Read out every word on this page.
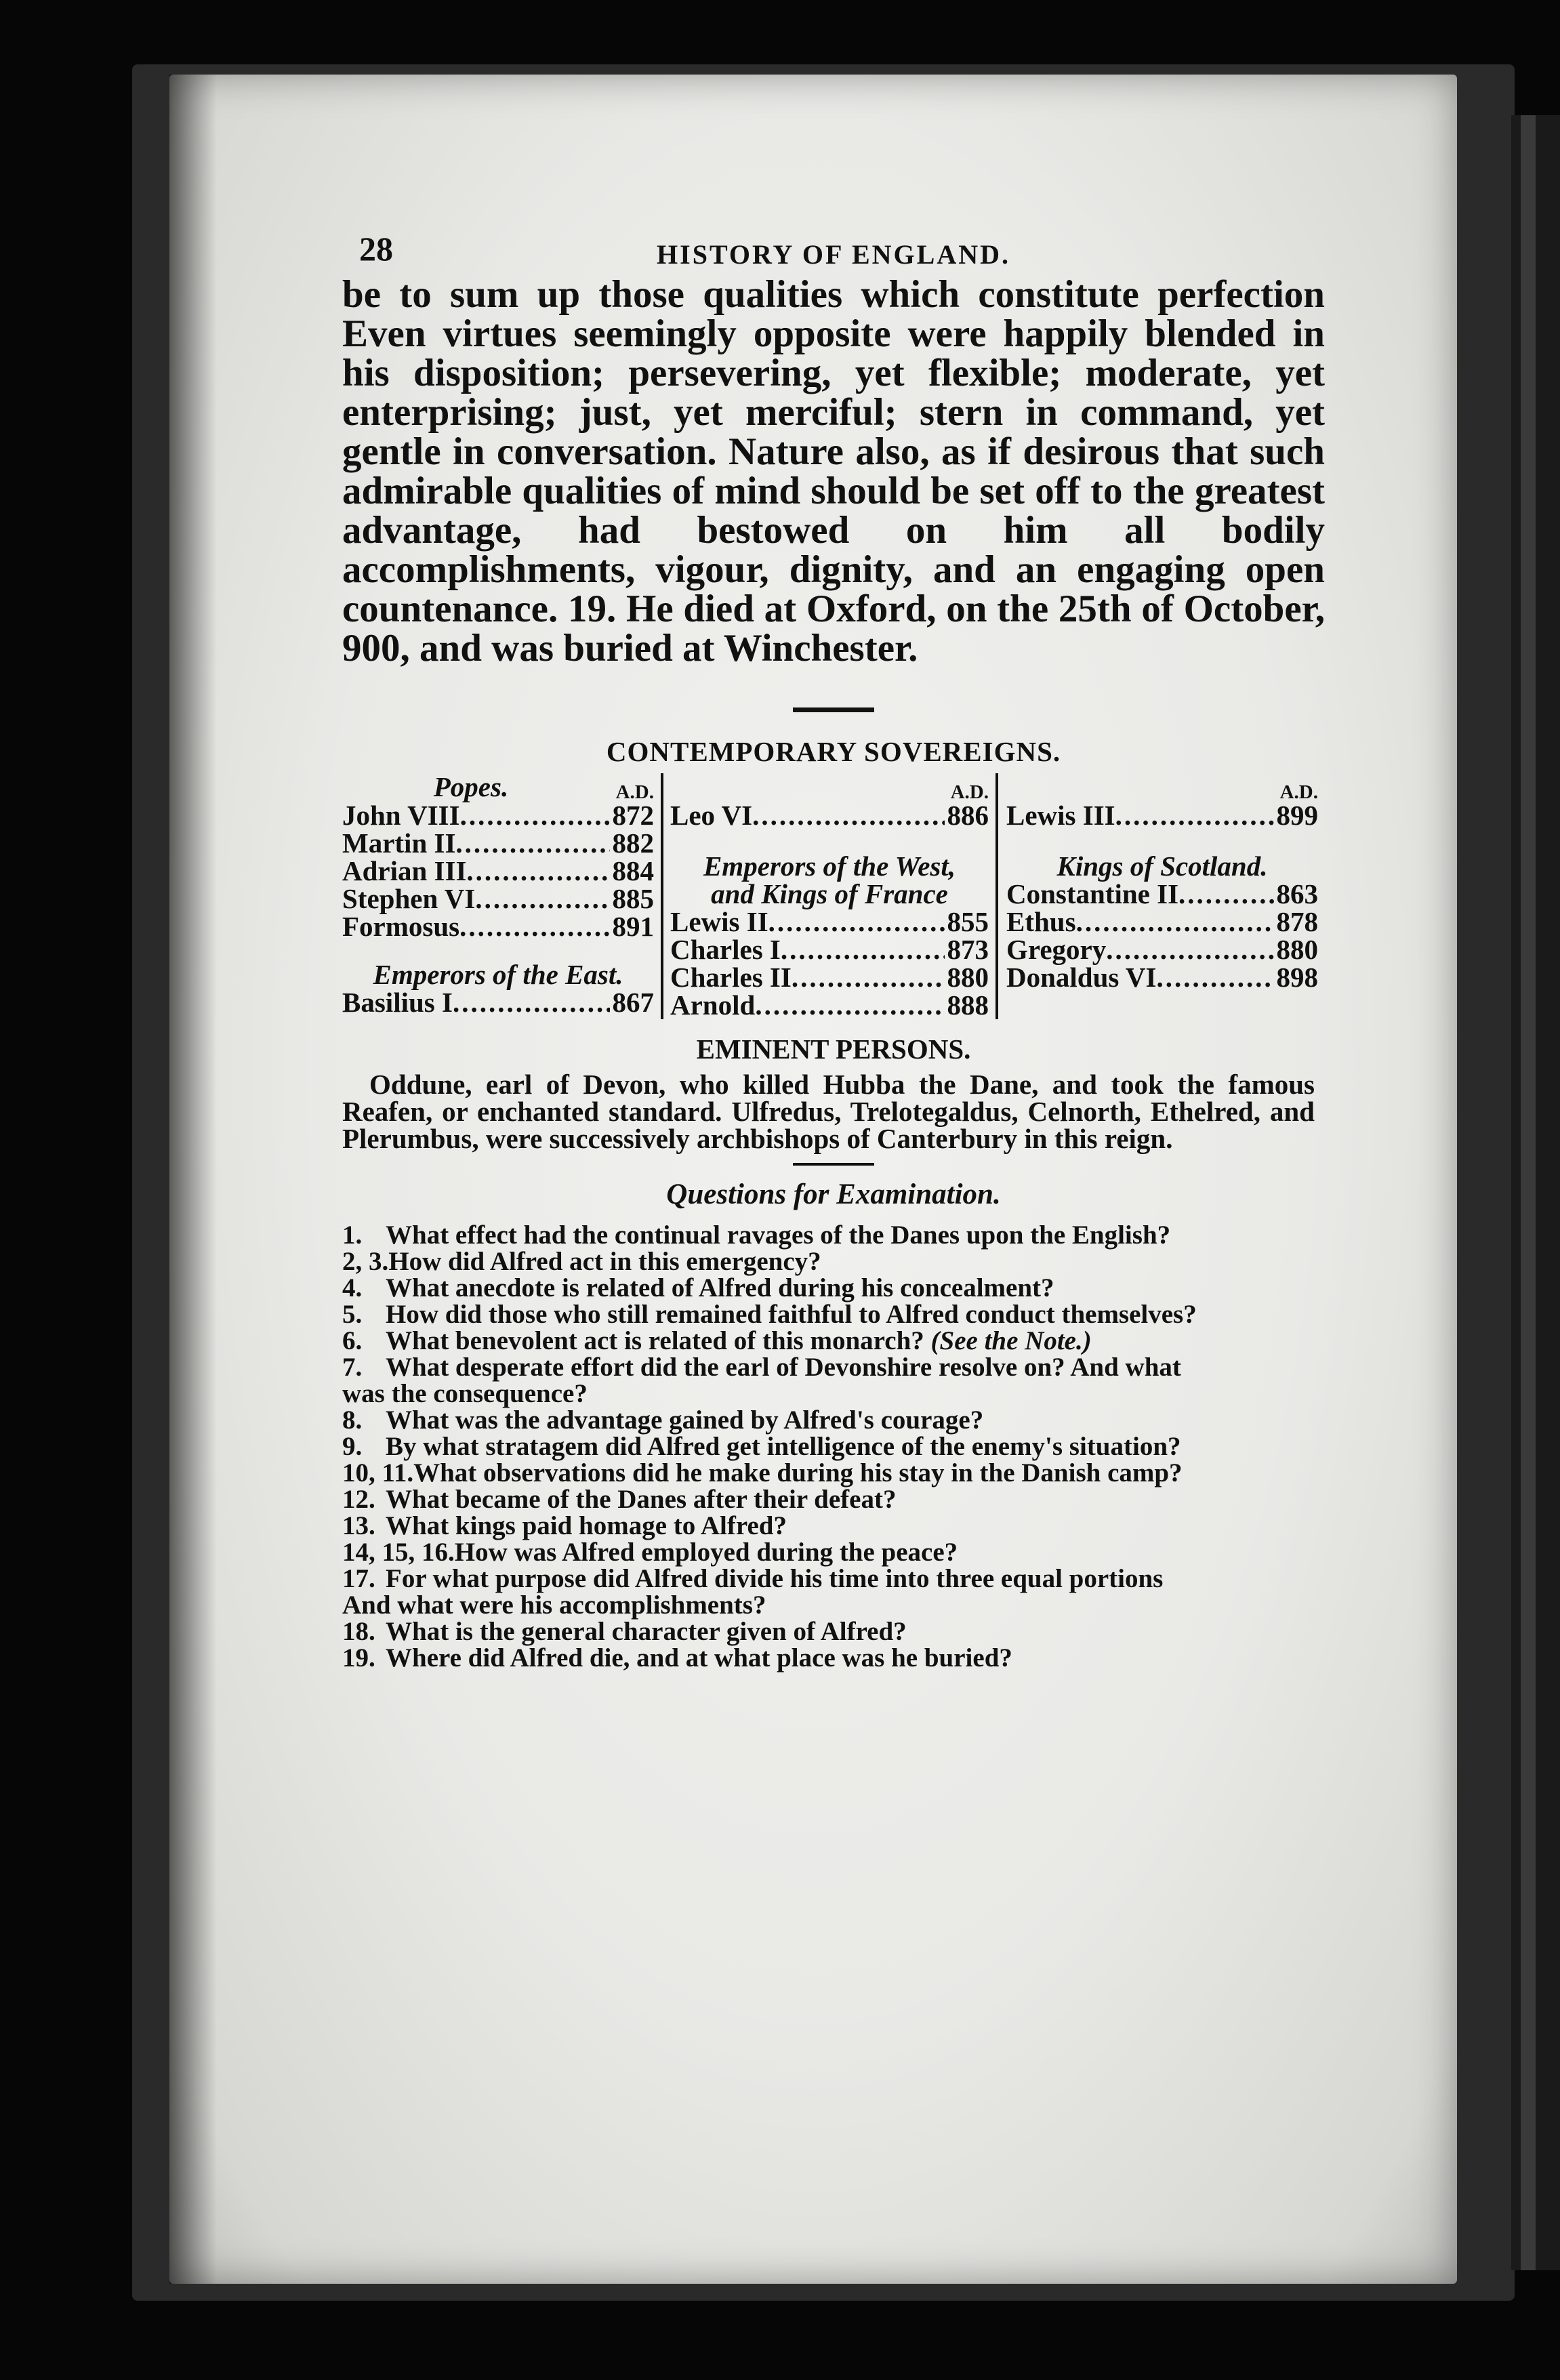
28	HISTORY OF ENGLAND.
be to sum up those qualities which constitute perfection Even virtues seemingly opposite were happily blended in his disposition; persevering, yet flexible; moderate, yet enterprising; just, yet merciful; stern in command, yet gentle in conversation. Nature also, as if desirous that such admirable qualities of mind should be set off to the greatest advantage, had bestowed on him all bodily accomplishments, vigour, dignity, and an engaging open countenance. 19. He died at Oxford, on the 25th of October, 900, and was buried at Winchester.
CONTEMPORARY SOVEREIGNS.
Popes.	A.D.
John VIII .....	872
Martin II .....	882
Adrian III .....	884
Stephen VI .....	885
Formosus .....	891
Emperors of the East.
Basilius I .....	867
A.D.
Leo VI .....	886
Emperors of the West,
and Kings of France
Lewis II .....	855
Charles I .....	873
Charles II .....	880
Arnold .....	888
A.D.
Lewis III .....	899
Kings of Scotland.
Constantine II .....	863
Ethus .....	878
Gregory .....	880
Donaldus VI .....	898
EMINENT PERSONS.
Oddune, earl of Devon, who killed Hubba the Dane, and took the famous Reafen, or enchanted standard. Ulfredus, Trelotegaldus, Celnorth, Ethelred, and Plerumbus, were successively archbishops of Canterbury in this reign.
Questions for Examination.
1. What effect had the continual ravages of the Danes upon the English?
2, 3. How did Alfred act in this emergency?
4. What anecdote is related of Alfred during his concealment?
5. How did those who still remained faithful to Alfred conduct themselves?
6. What benevolent act is related of this monarch? (See the Note.)
7. What desperate effort did the earl of Devonshire resolve on? And what
was the consequence?
8. What was the advantage gained by Alfred's courage?
9. By what stratagem did Alfred get intelligence of the enemy's situation?
10, 11. What observations did he make during his stay in the Danish camp?
12. What became of the Danes after their defeat?
13. What kings paid homage to Alfred?
14, 15, 16. How was Alfred employed during the peace?
17. For what purpose did Alfred divide his time into three equal portions
And what were his accomplishments?
18. What is the general character given of Alfred?
19. Where did Alfred die, and at what place was he buried?
